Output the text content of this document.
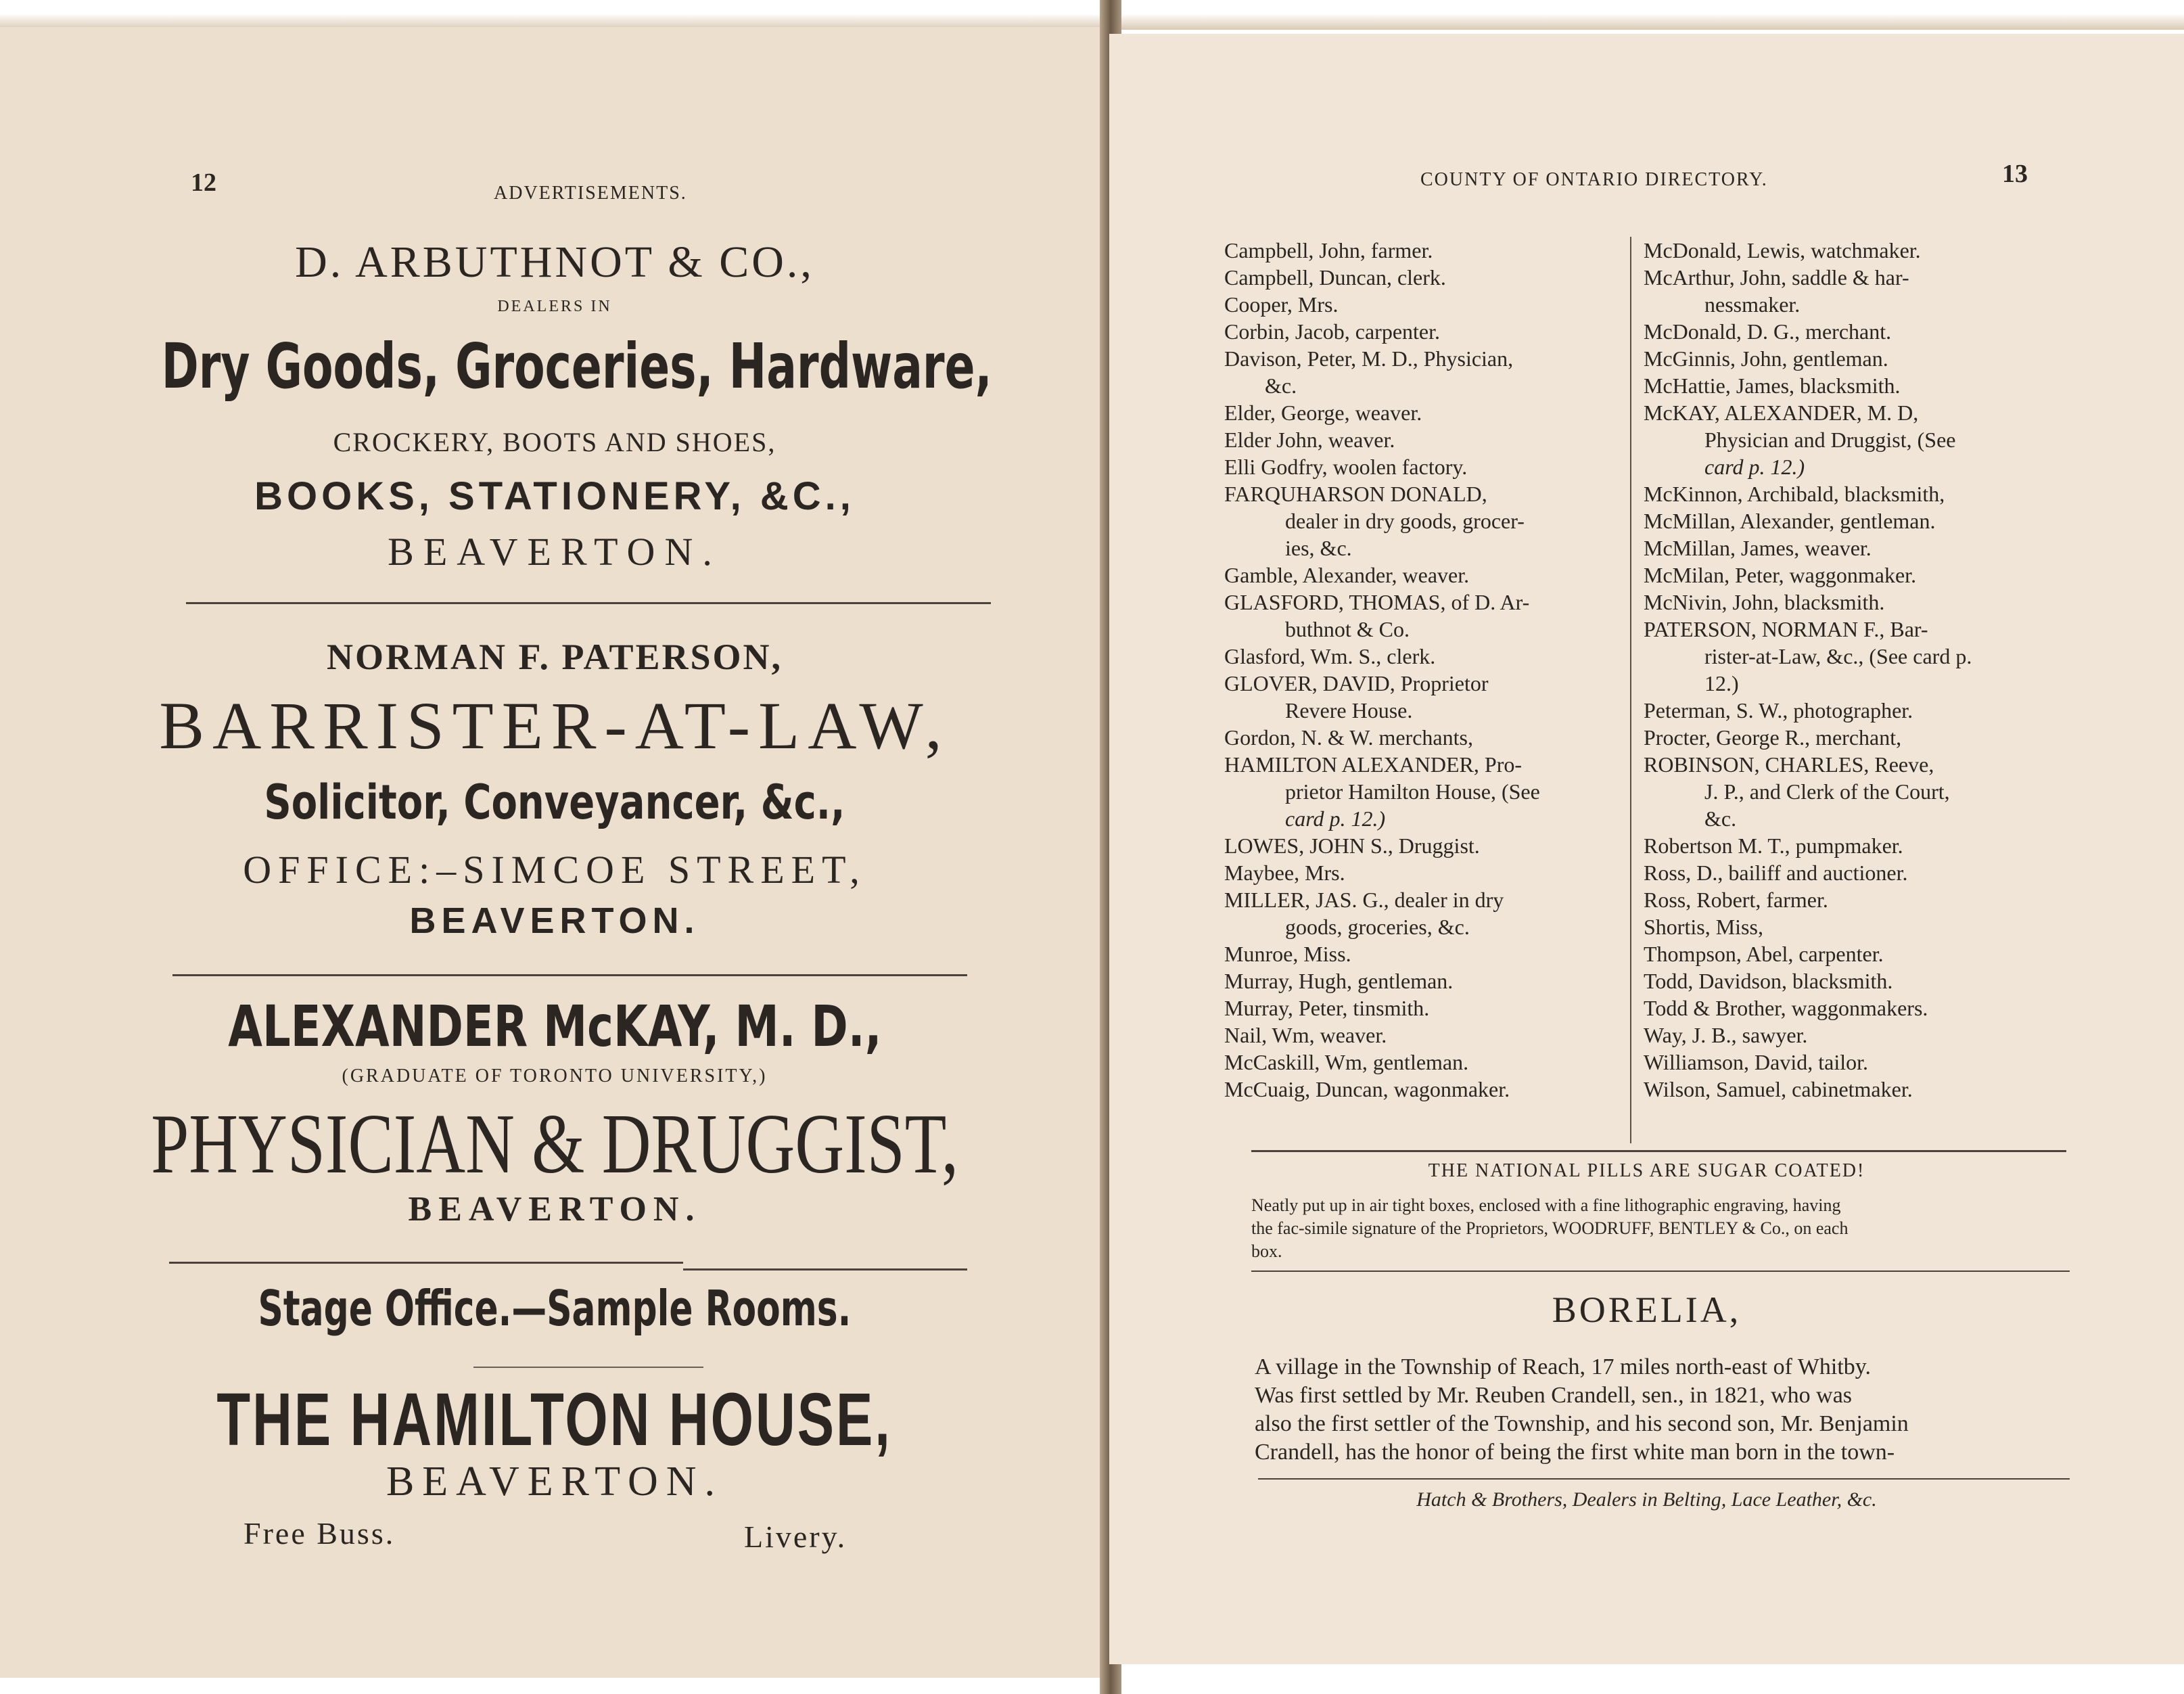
12	ADVERTISEMENTS.
D. ARBUTHNOT & CO.,
DEALERS IN
Dry Goods, Groceries, Hardware,
CROCKERY, BOOTS AND SHOES,
BOOKS, STATIONERY, &C.,
BEAVERTON.
NORMAN F. PATERSON,
BARRISTER-AT-LAW,
Solicitor, Conveyancer, &c.,
OFFICE:–SIMCOE STREET,
BEAVERTON.
ALEXANDER McKAY, M. D.,
(GRADUATE OF TORONTO UNIVERSITY,)
PHYSICIAN & DRUGGIST,
BEAVERTON.
Stage Office.—Sample Rooms.
THE HAMILTON HOUSE,
BEAVERTON.
Free Buss.	Livery.
COUNTY OF ONTARIO DIRECTORY.	13
Campbell, John, farmer.
Campbell, Duncan, clerk.
Cooper, Mrs.
Corbin, Jacob, carpenter.
Davison, Peter, M. D., Physician,
&c.
Elder, George, weaver.
Elder John, weaver.
Elli Godfry, woolen factory.
FARQUHARSON DONALD,
dealer in dry goods, grocer-
ies, &c.
Gamble, Alexander, weaver.
GLASFORD, THOMAS, of D. Ar-
buthnot & Co.
Glasford, Wm. S., clerk.
GLOVER, DAVID, Proprietor
Revere House.
Gordon, N. & W. merchants,
HAMILTON ALEXANDER, Pro-
prietor Hamilton House, (See
card p. 12.)
LOWES, JOHN S., Druggist.
Maybee, Mrs.
MILLER, JAS. G., dealer in dry
goods, groceries, &c.
Munroe, Miss.
Murray, Hugh, gentleman.
Murray, Peter, tinsmith.
Nail, Wm, weaver.
McCaskill, Wm, gentleman.
McCuaig, Duncan, wagonmaker.
McDonald, Lewis, watchmaker.
McArthur, John, saddle & har-
nessmaker.
McDonald, D. G., merchant.
McGinnis, John, gentleman.
McHattie, James, blacksmith.
McKAY, ALEXANDER, M. D,
Physician and Druggist, (See
card p. 12.)
McKinnon, Archibald, blacksmith,
McMillan, Alexander, gentleman.
McMillan, James, weaver.
McMilan, Peter, waggonmaker.
McNivin, John, blacksmith.
PATERSON, NORMAN F., Bar-
rister-at-Law, &c., (See card p.
12.)
Peterman, S. W., photographer.
Procter, George R., merchant,
ROBINSON, CHARLES, Reeve,
J. P., and Clerk of the Court,
&c.
Robertson M. T., pumpmaker.
Ross, D., bailiff and auctioner.
Ross, Robert, farmer.
Shortis, Miss,
Thompson, Abel, carpenter.
Todd, Davidson, blacksmith.
Todd & Brother, waggonmakers.
Way, J. B., sawyer.
Williamson, David, tailor.
Wilson, Samuel, cabinetmaker.
THE NATIONAL PILLS ARE SUGAR COATED!
Neatly put up in air tight boxes, enclosed with a fine lithographic engraving, having
the fac-simile signature of the Proprietors, WOODRUFF, BENTLEY & Co., on each
box.
BORELIA,
A village in the Township of Reach, 17 miles north-east of Whitby.
Was first settled by Mr. Reuben Crandell, sen., in 1821, who was
also the first settler of the Township, and his second son, Mr. Benjamin
Crandell, has the honor of being the first white man born in the town-
Hatch & Brothers, Dealers in Belting, Lace Leather, &c.
